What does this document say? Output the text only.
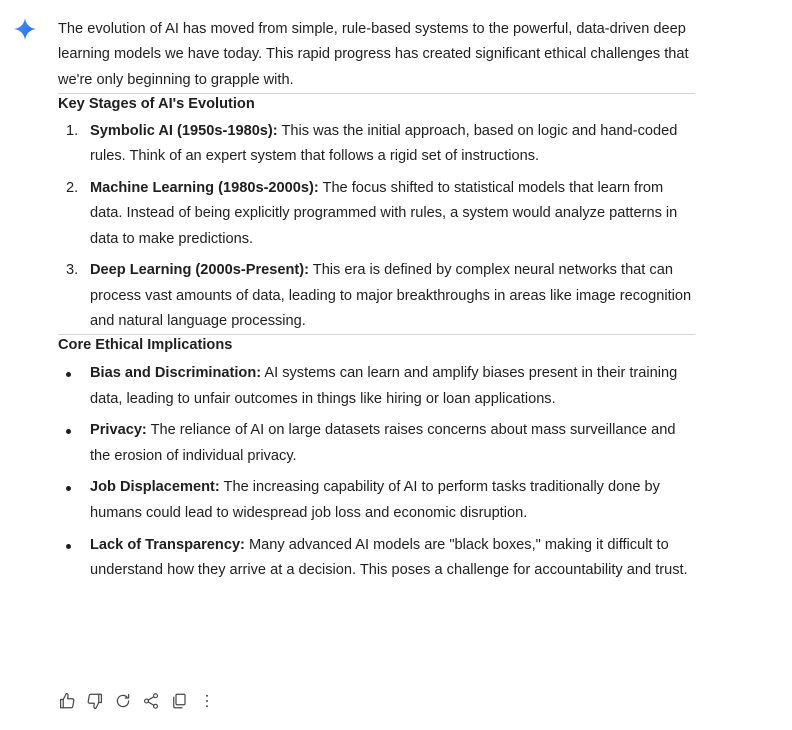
The evolution of AI has moved from simple, rule-based systems to the powerful, data-driven deep learning models we have today. This rapid progress has created significant ethical challenges that we're only beginning to grapple with.

Key Stages of AI's Evolution
1. Symbolic AI (1950s-1980s): This was the initial approach, based on logic and hand-coded rules. Think of an expert system that follows a rigid set of instructions.
2. Machine Learning (1980s-2000s): The focus shifted to statistical models that learn from data. Instead of being explicitly programmed with rules, a system would analyze patterns in data to make predictions.
3. Deep Learning (2000s-Present): This era is defined by complex neural networks that can process vast amounts of data, leading to major breakthroughs in areas like image recognition and natural language processing.
Core Ethical Implications
Bias and Discrimination: AI systems can learn and amplify biases present in their training data, leading to unfair outcomes in things like hiring or loan applications.
Privacy: The reliance of AI on large datasets raises concerns about mass surveillance and the erosion of individual privacy.
Job Displacement: The increasing capability of AI to perform tasks traditionally done by humans could lead to widespread job loss and economic disruption.
Lack of Transparency: Many advanced AI models are "black boxes," making it difficult to understand how they arrive at a decision. This poses a challenge for accountability and trust.
